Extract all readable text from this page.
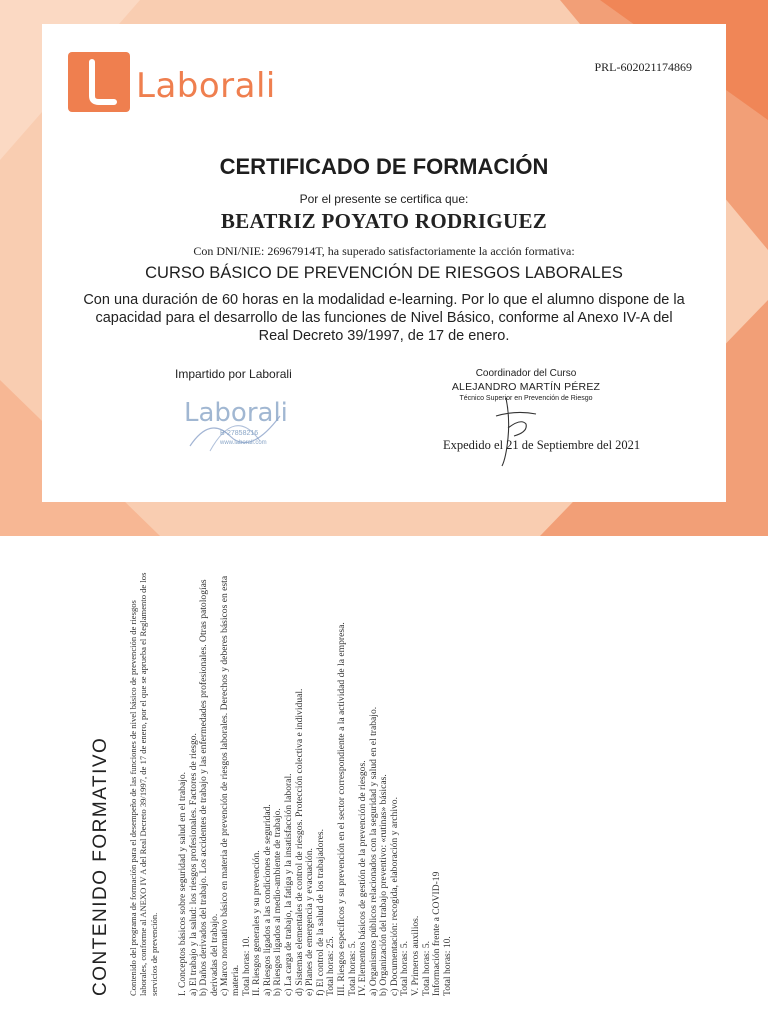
Laborali	PRL-602021174869
CERTIFICADO DE FORMACIÓN
Por el presente se certifica que:
BEATRIZ POYATO RODRIGUEZ
Con DNI/NIE: 26967914T, ha superado satisfactoriamente la acción formativa:
CURSO BÁSICO DE PREVENCIÓN DE RIESGOS LABORALES
Con una duración de 60 horas en la modalidad e-learning. Por lo que el alumno dispone de la capacidad para el desarrollo de las funciones de Nivel Básico, conforme al Anexo IV-A del Real Decreto 39/1997, de 17 de enero.
Impartido por Laborali
Laborali
B-27858216
www.laborali.com
Coordinador del Curso
ALEJANDRO MARTÍN PÉREZ
Técnico Superior en Prevención de Riesgo
Expedido el 21 de Septiembre del 2021
CONTENIDO FORMATIVO Contenido del programa de formación para el desempeño de las funciones de nivel básico de prevención de riesgos laborales, conforme al ANEXO IV A del Real Decreto 39/1997, de 17 de enero, por el que se aprueba el Reglamento de los servicios de prevención. I. Conceptos básicos sobre seguridad y salud en el trabajo. a) El trabajo y la salud: los riesgos profesionales. Factores de riesgo. b) Daños derivados del trabajo. Los accidentes de trabajo y las enfermedades profesionales. Otras patologías derivadas del trabajo. c) Marco normativo básico en materia de prevención de riesgos laborales. Derechos y deberes básicos en esta materia. Total horas: 10. II. Riesgos generales y su prevención. a) Riesgos ligados a las condiciones de seguridad. b) Riesgos ligados al medio-ambiente de trabajo. c) La carga de trabajo, la fatiga y la insatisfacción laboral. d) Sistemas elementales de control de riesgos. Protección colectiva e individual. e) Planes de emergencia y evacuación. f) El control de la salud de los trabajadores. Total horas: 25. III. Riesgos específicos y su prevención en el sector correspondiente a la actividad de la empresa. Total horas: 5. IV. Elementos básicos de gestión de la prevención de riesgos. a) Organismos públicos relacionados con la seguridad y salud en el trabajo. b) Organización del trabajo preventivo: «rutinas» básicas. c) Documentación: recogida, elaboración y archivo. Total horas: 5. V. Primeros auxilios. Total horas: 5. Información frente a COVID-19 Total horas: 10.
